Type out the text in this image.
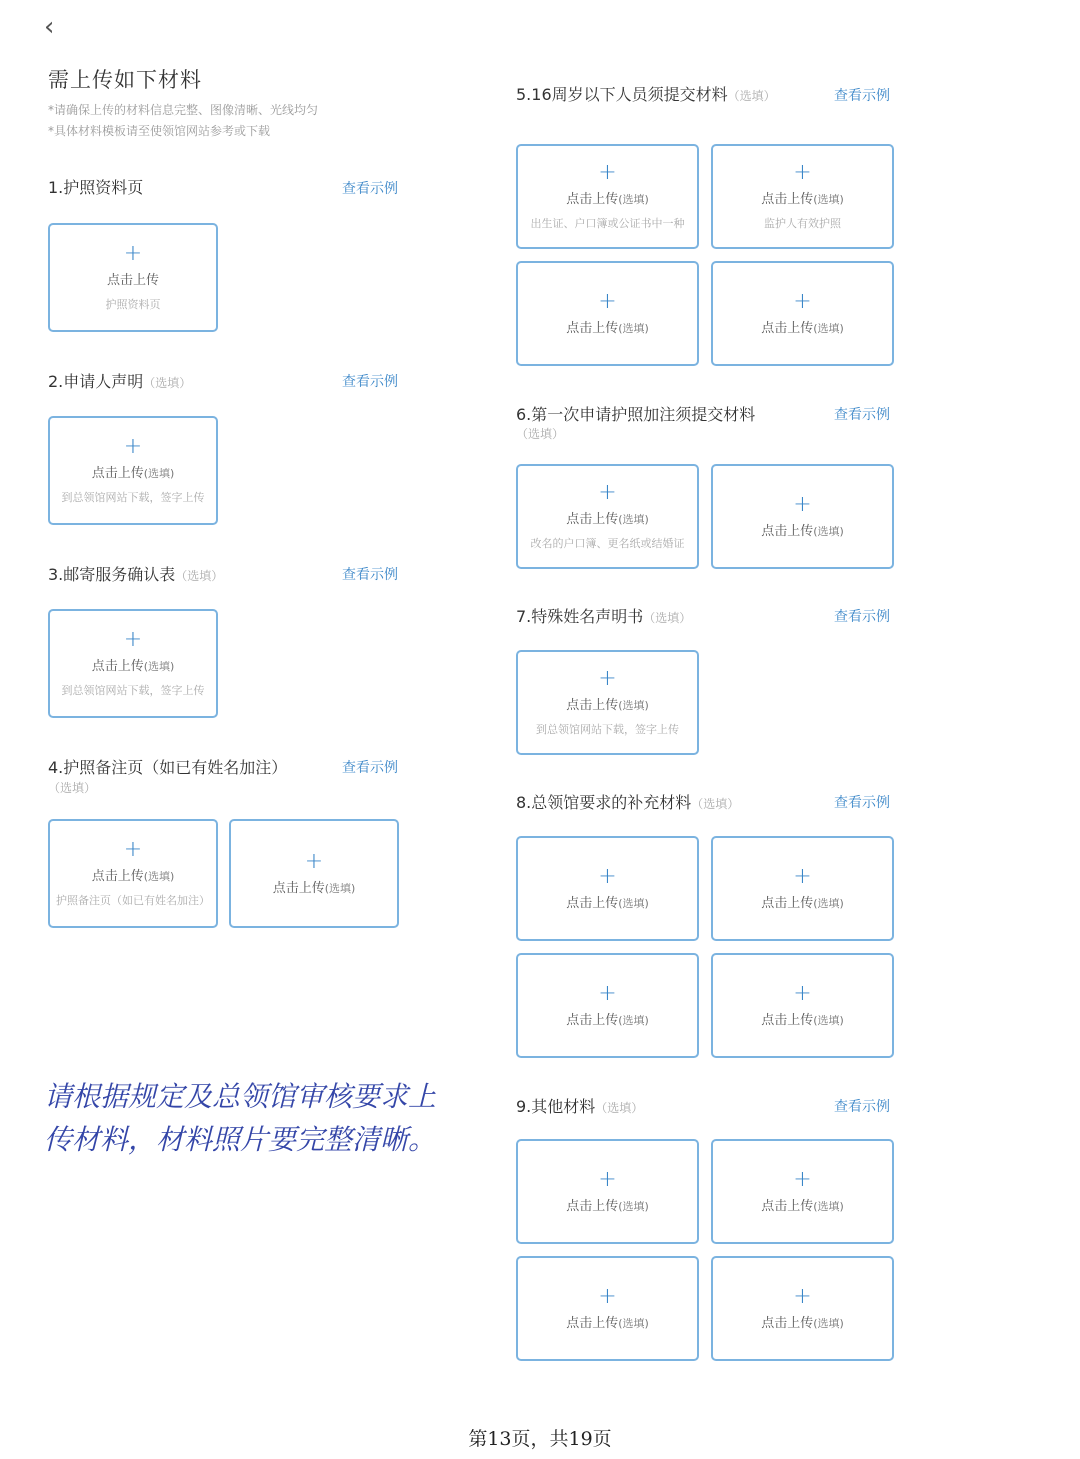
‹
需上传如下材料
*请确保上传的材料信息完整、图像清晰、光线均匀
*具体材料模板请至使领馆网站参考或下载
1.护照资料页	查看示例
+
点击上传
护照资料页
2.申请人声明（选填）	查看示例
+
点击上传(选填)
到总领馆网站下载，签字上传
3.邮寄服务确认表（选填）	查看示例
+
点击上传(选填)
到总领馆网站下载，签字上传
4.护照备注页（如已有姓名加注）
（选填）
查看示例
+
点击上传(选填)
护照备注页（如已有姓名加注）
+
点击上传(选填)
请根据规定及总领馆审核要求上传材料，材料照片要完整清晰。
5.16周岁以下人员须提交材料（选填）	查看示例
+
点击上传(选填)
出生证、户口簿或公证书中一种
+
点击上传(选填)
监护人有效护照
+
点击上传(选填)
+
点击上传(选填)
6.第一次申请护照加注须提交材料
（选填）
查看示例
+
点击上传(选填)
改名的户口簿、更名纸或结婚证
+
点击上传(选填)
7.特殊姓名声明书（选填）	查看示例
+
点击上传(选填)
到总领馆网站下载，签字上传
8.总领馆要求的补充材料（选填）	查看示例
+
点击上传(选填)
+
点击上传(选填)
+
点击上传(选填)
+
点击上传(选填)
9.其他材料（选填）	查看示例
+
点击上传(选填)
+
点击上传(选填)
+
点击上传(选填)
+
点击上传(选填)
第13页，共19页
